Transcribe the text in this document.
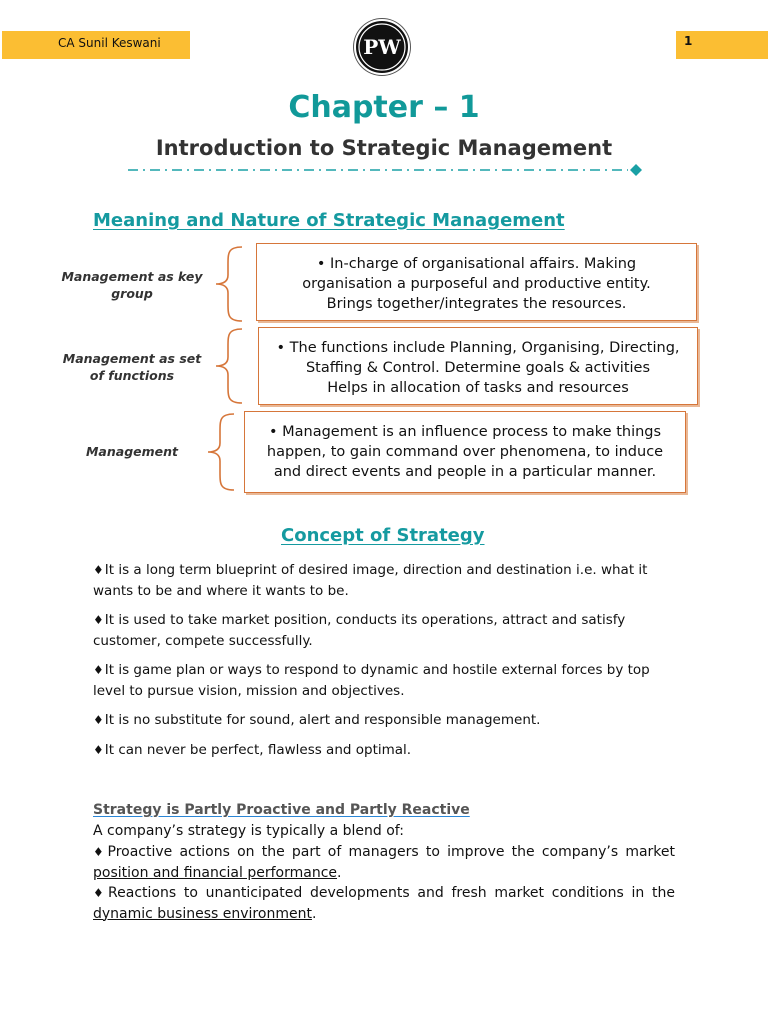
CA Sunil Keswani	PW	1
Chapter – 1
Introduction to Strategic Management
Meaning and Nature of Strategic Management
Management as key
group
• In-charge of organisational affairs. Making
organisation a purposeful and productive entity.
Brings together/integrates the resources.
Management as set
of functions
• The functions include Planning, Organising, Directing,
Staffing & Control. Determine goals & activities
Helps in allocation of tasks and resources
Management
• Management is an influence process to make things
happen, to gain command over phenomena, to induce
and direct events and people in a particular manner.
Concept of Strategy
♦It is a long term blueprint of desired image, direction and destination i.e. what it wants to be and where it wants to be.
♦It is used to take market position, conducts its operations, attract and satisfy customer, compete successfully.
♦It is game plan or ways to respond to dynamic and hostile external forces by top level to pursue vision, mission and objectives.
♦It is no substitute for sound, alert and responsible management.
♦It can never be perfect, flawless and optimal.
Strategy is Partly Proactive and Partly Reactive
A company’s strategy is typically a blend of:
♦Proactive actions on the part of managers to improve the company’s market position and financial performance.
♦Reactions to unanticipated developments and fresh market conditions in the dynamic business environment.
